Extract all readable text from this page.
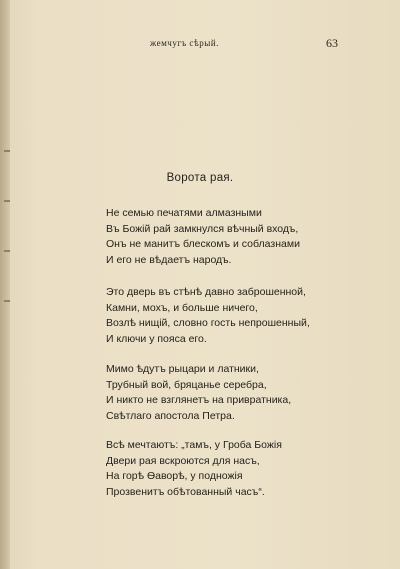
жемчугъ сѣрый.	63
Ворота рая.
Не семью печатями алмазными
Въ Божій рай замкнулся вѣчный входъ,
Онъ не манитъ блескомъ и соблазнами
И его не вѣдаетъ народъ.
Это дверь въ стѣнѣ давно заброшенной,
Камни, мохъ, и больше ничего,
Возлѣ нищій, словно гость непрошенный,
И ключи у пояса его.
Мимо ѣдутъ рыцари и латники,
Трубный вой, бряцанье серебра,
И никто не взглянетъ на привратника,
Свѣтлаго апостола Петра.
Всѣ мечтаютъ: „тамъ, у Гроба Божія
Двери рая вскроются для насъ,
На горѣ Ѳаворѣ, у подножія
Прозвенитъ обѣтованный часъ“.
